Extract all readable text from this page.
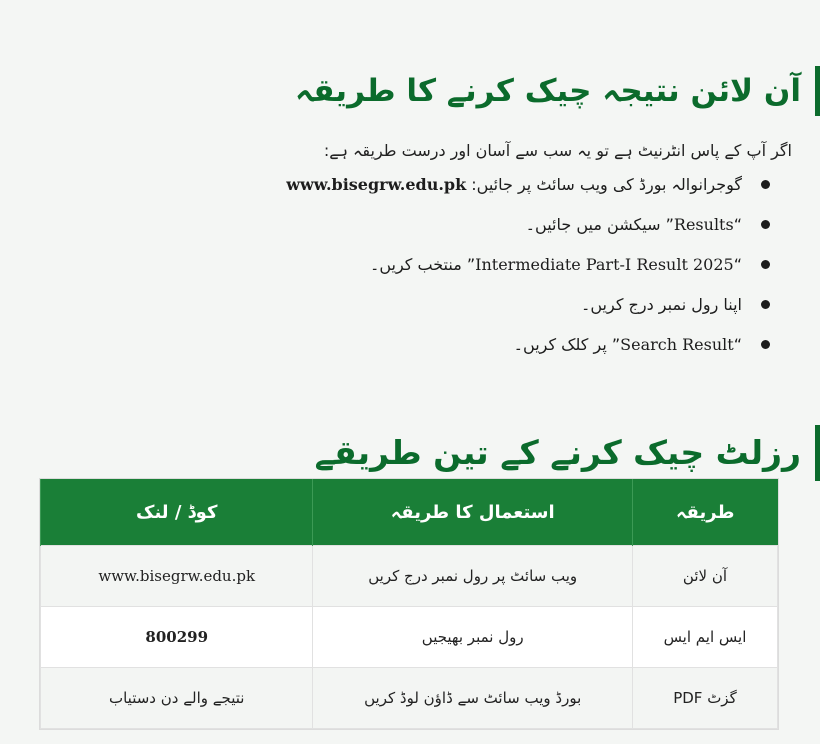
آن لائن نتیجہ چیک کرنے کا طریقہ

اگر آپ کے پاس انٹرنیٹ ہے تو یہ سب سے آسان اور درست طریقہ ہے:

گوجرانوالہ بورڈ کی ویب سائٹ پر جائیں: www.bisegrw.edu.pk
“Results” سیکشن میں جائیں۔
“Intermediate Part-I Result 2025” منتخب کریں۔
اپنا رول نمبر درج کریں۔
“Search Result” پر کلک کریں۔
رزلٹ چیک کرنے کے تین طریقے
طریقہ	استعمال کا طریقہ	کوڈ / لنک
آن لائن	ویب سائٹ پر رول نمبر درج کریں	www.bisegrw.edu.pk
ایس ایم ایس	رول نمبر بھیجیں	800299
گزٹ PDF	بورڈ ویب سائٹ سے ڈاؤن لوڈ کریں	نتیجے والے دن دستیاب
